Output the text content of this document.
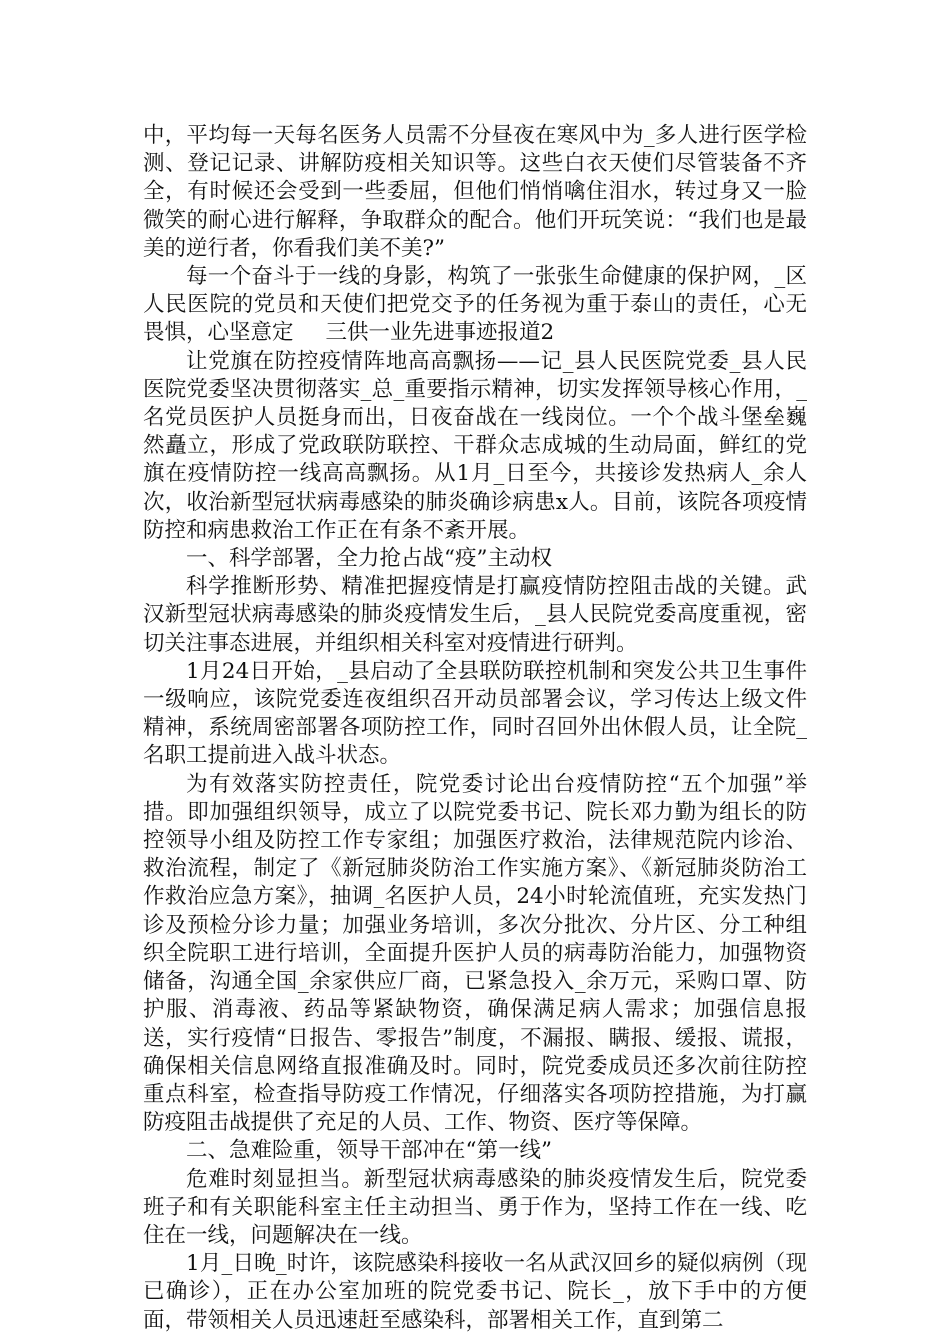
中，平均每一天每名医务人员需不分昼夜在寒风中为_多人进行医学检测、登记记录、讲解防疫相关知识等。这些白衣天使们尽管装备不齐全，有时候还会受到一些委屈，但他们悄悄噙住泪水，转过身又一脸微笑的耐心进行解释，争取群众的配合。他们开玩笑说：“我们也是最美的逆行者，你看我们美不美?”

每一个奋斗于一线的身影，构筑了一张张生命健康的保护网，_区人民医院的党员和天使们把党交予的任务视为重于泰山的责任，心无畏惧，心坚意定 三供一业先进事迹报道2

让党旗在防控疫情阵地高高飘扬——记_县人民医院党委_县人民医院党委坚决贯彻落实_总_重要指示精神，切实发挥领导核心作用，_名党员医护人员挺身而出，日夜奋战在一线岗位。一个个战斗堡垒巍然矗立，形成了党政联防联控、干群众志成城的生动局面，鲜红的党旗在疫情防控一线高高飘扬。从1月_日至今，共接诊发热病人_余人次，收治新型冠状病毒感染的肺炎确诊病患x人。目前，该院各项疫情防控和病患救治工作正在有条不紊开展。

一、科学部署，全力抢占战“疫”主动权

科学推断形势、精准把握疫情是打赢疫情防控阻击战的关键。武汉新型冠状病毒感染的肺炎疫情发生后，_县人民院党委高度重视，密切关注事态进展，并组织相关科室对疫情进行研判。

1月24日开始，_县启动了全县联防联控机制和突发公共卫生事件一级响应，该院党委连夜组织召开动员部署会议，学习传达上级文件精神，系统周密部署各项防控工作，同时召回外出休假人员，让全院_名职工提前进入战斗状态。

为有效落实防控责任，院党委讨论出台疫情防控“五个加强”举措。即加强组织领导，成立了以院党委书记、院长邓力勤为组长的防控领导小组及防控工作专家组；加强医疗救治，法律规范院内诊治、救治流程，制定了《新冠肺炎防治工作实施方案》、《新冠肺炎防治工作救治应急方案》，抽调_名医护人员，24小时轮流值班，充实发热门诊及预检分诊力量；加强业务培训，多次分批次、分片区、分工种组织全院职工进行培训，全面提升医护人员的病毒防治能力，加强物资储备，沟通全国_余家供应厂商，已紧急投入_余万元，采购口罩、防护服、消毒液、药品等紧缺物资，确保满足病人需求；加强信息报送，实行疫情“日报告、零报告”制度，不漏报、瞒报、缓报、谎报，确保相关信息网络直报准确及时。同时，院党委成员还多次前往防控重点科室，检查指导防疫工作情况，仔细落实各项防控措施，为打赢防疫阻击战提供了充足的人员、工作、物资、医疗等保障。

二、急难险重，领导干部冲在“第一线”

危难时刻显担当。新型冠状病毒感染的肺炎疫情发生后，院党委班子和有关职能科室主任主动担当、勇于作为，坚持工作在一线、吃住在一线，问题解决在一线。

1月_日晚_时许，该院感染科接收一名从武汉回乡的疑似病例（现已确诊），正在办公室加班的院党委书记、院长_，放下手中的方便面，带领相关人员迅速赶至感染科，部署相关工作，直到第二
